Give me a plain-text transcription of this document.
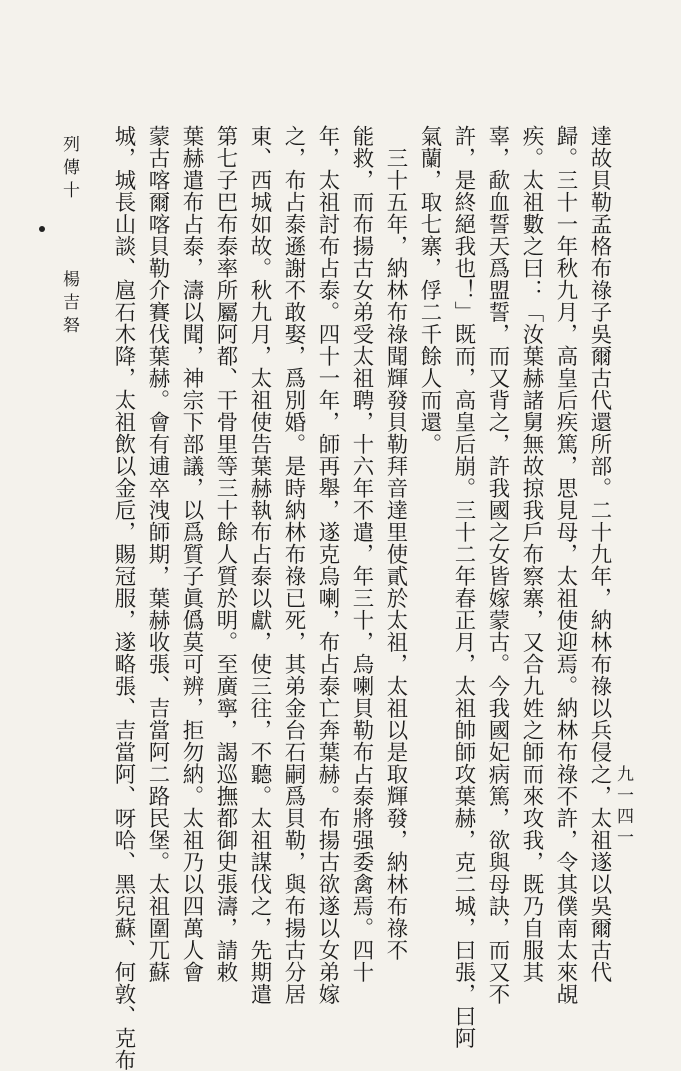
達故貝勒孟格布祿子吳爾古代還所部。二十九年，納林布祿以兵侵之，太祖遂以吳爾古代
歸。三十一年秋九月，高皇后疾篤，思見母，太祖使迎焉。納林布祿不許，令其僕南太來覘
疾。太祖數之曰：「汝葉赫諸舅無故掠我戶布察寨，又合九姓之師而來攻我，既乃自服其
辜，歃血誓天爲盟誓，而又背之，許我國之女皆嫁蒙古。今我國妃病篤，欲與母訣，而又不
許，是終絕我也！」既而，高皇后崩。三十二年春正月，太祖帥師攻葉赫，克二城，曰張，曰阿
氣蘭，取七寨，俘二千餘人而還。
　三十五年，納林布祿聞輝發貝勒拜音達里使貳於太祖，太祖以是取輝發，納林布祿不
能救，而布揚古女弟受太祖聘，十六年不遣，年三十，烏喇貝勒布占泰將强委禽焉。四十
年，太祖討布占泰。四十一年，師再舉，遂克烏喇，布占泰亡奔葉赫。布揚古欲遂以女弟嫁
之，布占泰遜謝不敢娶，爲別婚。是時納林布祿已死，其弟金台石嗣爲貝勒，與布揚古分居
東、西城如故。秋九月，太祖使告葉赫執布占泰以獻，使三往，不聽。太祖謀伐之，先期遣
第七子巴布泰率所屬阿都、干骨里等三十餘人質於明。至廣寧，謁巡撫都御史張濤，請敕
葉赫遣布占泰，濤以聞，神宗下部議，以爲質子眞僞莫可辨，拒勿納。太祖乃以四萬人會
蒙古喀爾喀貝勒介賽伐葉赫。會有逋卒洩師期，葉赫收張、吉當阿二路民堡。太祖圍兀蘇
城，城長山談、扈石木降，太祖飲以金卮，賜冠服，遂略張、吉當阿、呀哈、黑兒蘇、何敦、克布
列傳十
楊吉砮
九一四一
